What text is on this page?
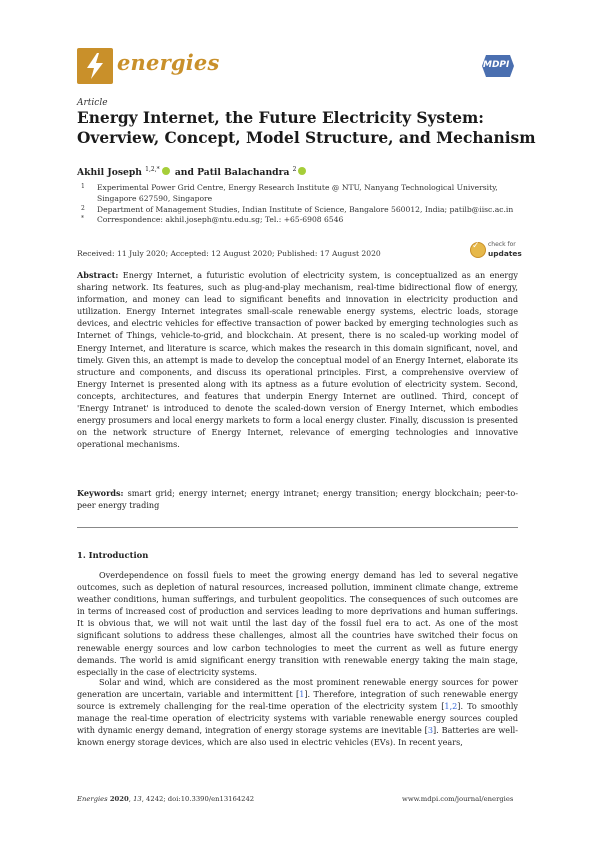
energies	MDPI
Article
Energy Internet, the Future Electricity System: Overview, Concept, Model Structure, and Mechanism
Akhil Joseph $^{1,2,*}$ and Patil Balachandra $^2$
1 Experimental Power Grid Centre, Energy Research Institute @ NTU, Nanyang Technological University, Singapore 627590, Singapore
2 Department of Management Studies, Indian Institute of Science, Bangalore 560012, India; patilb@iisc.ac.in
* Correspondence: akhil.joseph@ntu.edu.sg; Tel.: +65-6908 6546
Received: 11 July 2020; Accepted: 12 August 2020; Published: 17 August 2020
✓ check for
updates

Abstract: Energy Internet, a futuristic evolution of electricity system, is conceptualized as an energy sharing network. Its features, such as plug-and-play mechanism, real-time bidirectional flow of energy, information, and money can lead to significant benefits and innovation in electricity production and utilization. Energy Internet integrates small-scale renewable energy systems, electric loads, storage devices, and electric vehicles for effective transaction of power backed by emerging technologies such as Internet of Things, vehicle-to-grid, and blockchain. At present, there is no scaled-up working model of Energy Internet, and literature is scarce, which makes the research in this domain significant, novel, and timely. Given this, an attempt is made to develop the conceptual model of an Energy Internet, elaborate its structure and components, and discuss its operational principles. First, a comprehensive overview of Energy Internet is presented along with its aptness as a future evolution of electricity system. Second, concepts, architectures, and features that underpin Energy Internet are outlined. Third, concept of 'Energy Intranet' is introduced to denote the scaled-down version of Energy Internet, which embodies energy prosumers and local energy markets to form a local energy cluster. Finally, discussion is presented on the network structure of Energy Internet, relevance of emerging technologies and innovative operational mechanisms.

Keywords: smart grid; energy internet; energy intranet; energy transition; energy blockchain; peer-to-peer energy trading

1. Introduction

Overdependence on fossil fuels to meet the growing energy demand has led to several negative outcomes, such as depletion of natural resources, increased pollution, imminent climate change, extreme weather conditions, human sufferings, and turbulent geopolitics. The consequences of such outcomes are in terms of increased cost of production and services leading to more deprivations and human sufferings. It is obvious that, we will not wait until the last day of the fossil fuel era to act. As one of the most significant solutions to address these challenges, almost all the countries have switched their focus on renewable energy sources and low carbon technologies to meet the current as well as future energy demands. The world is amid significant energy transition with renewable energy taking the main stage, especially in the case of electricity systems.

Solar and wind, which are considered as the most prominent renewable energy sources for power generation are uncertain, variable and intermittent [1]. Therefore, integration of such renewable energy source is extremely challenging for the real-time operation of the electricity system [1,2]. To smoothly manage the real-time operation of electricity systems with variable renewable energy sources coupled with dynamic energy demand, integration of energy storage systems are inevitable [3]. Batteries are well-known energy storage devices, which are also used in electric vehicles (EVs). In recent years,

Energies 2020, 13, 4242; doi:10.3390/en13164242	www.mdpi.com/journal/energies
